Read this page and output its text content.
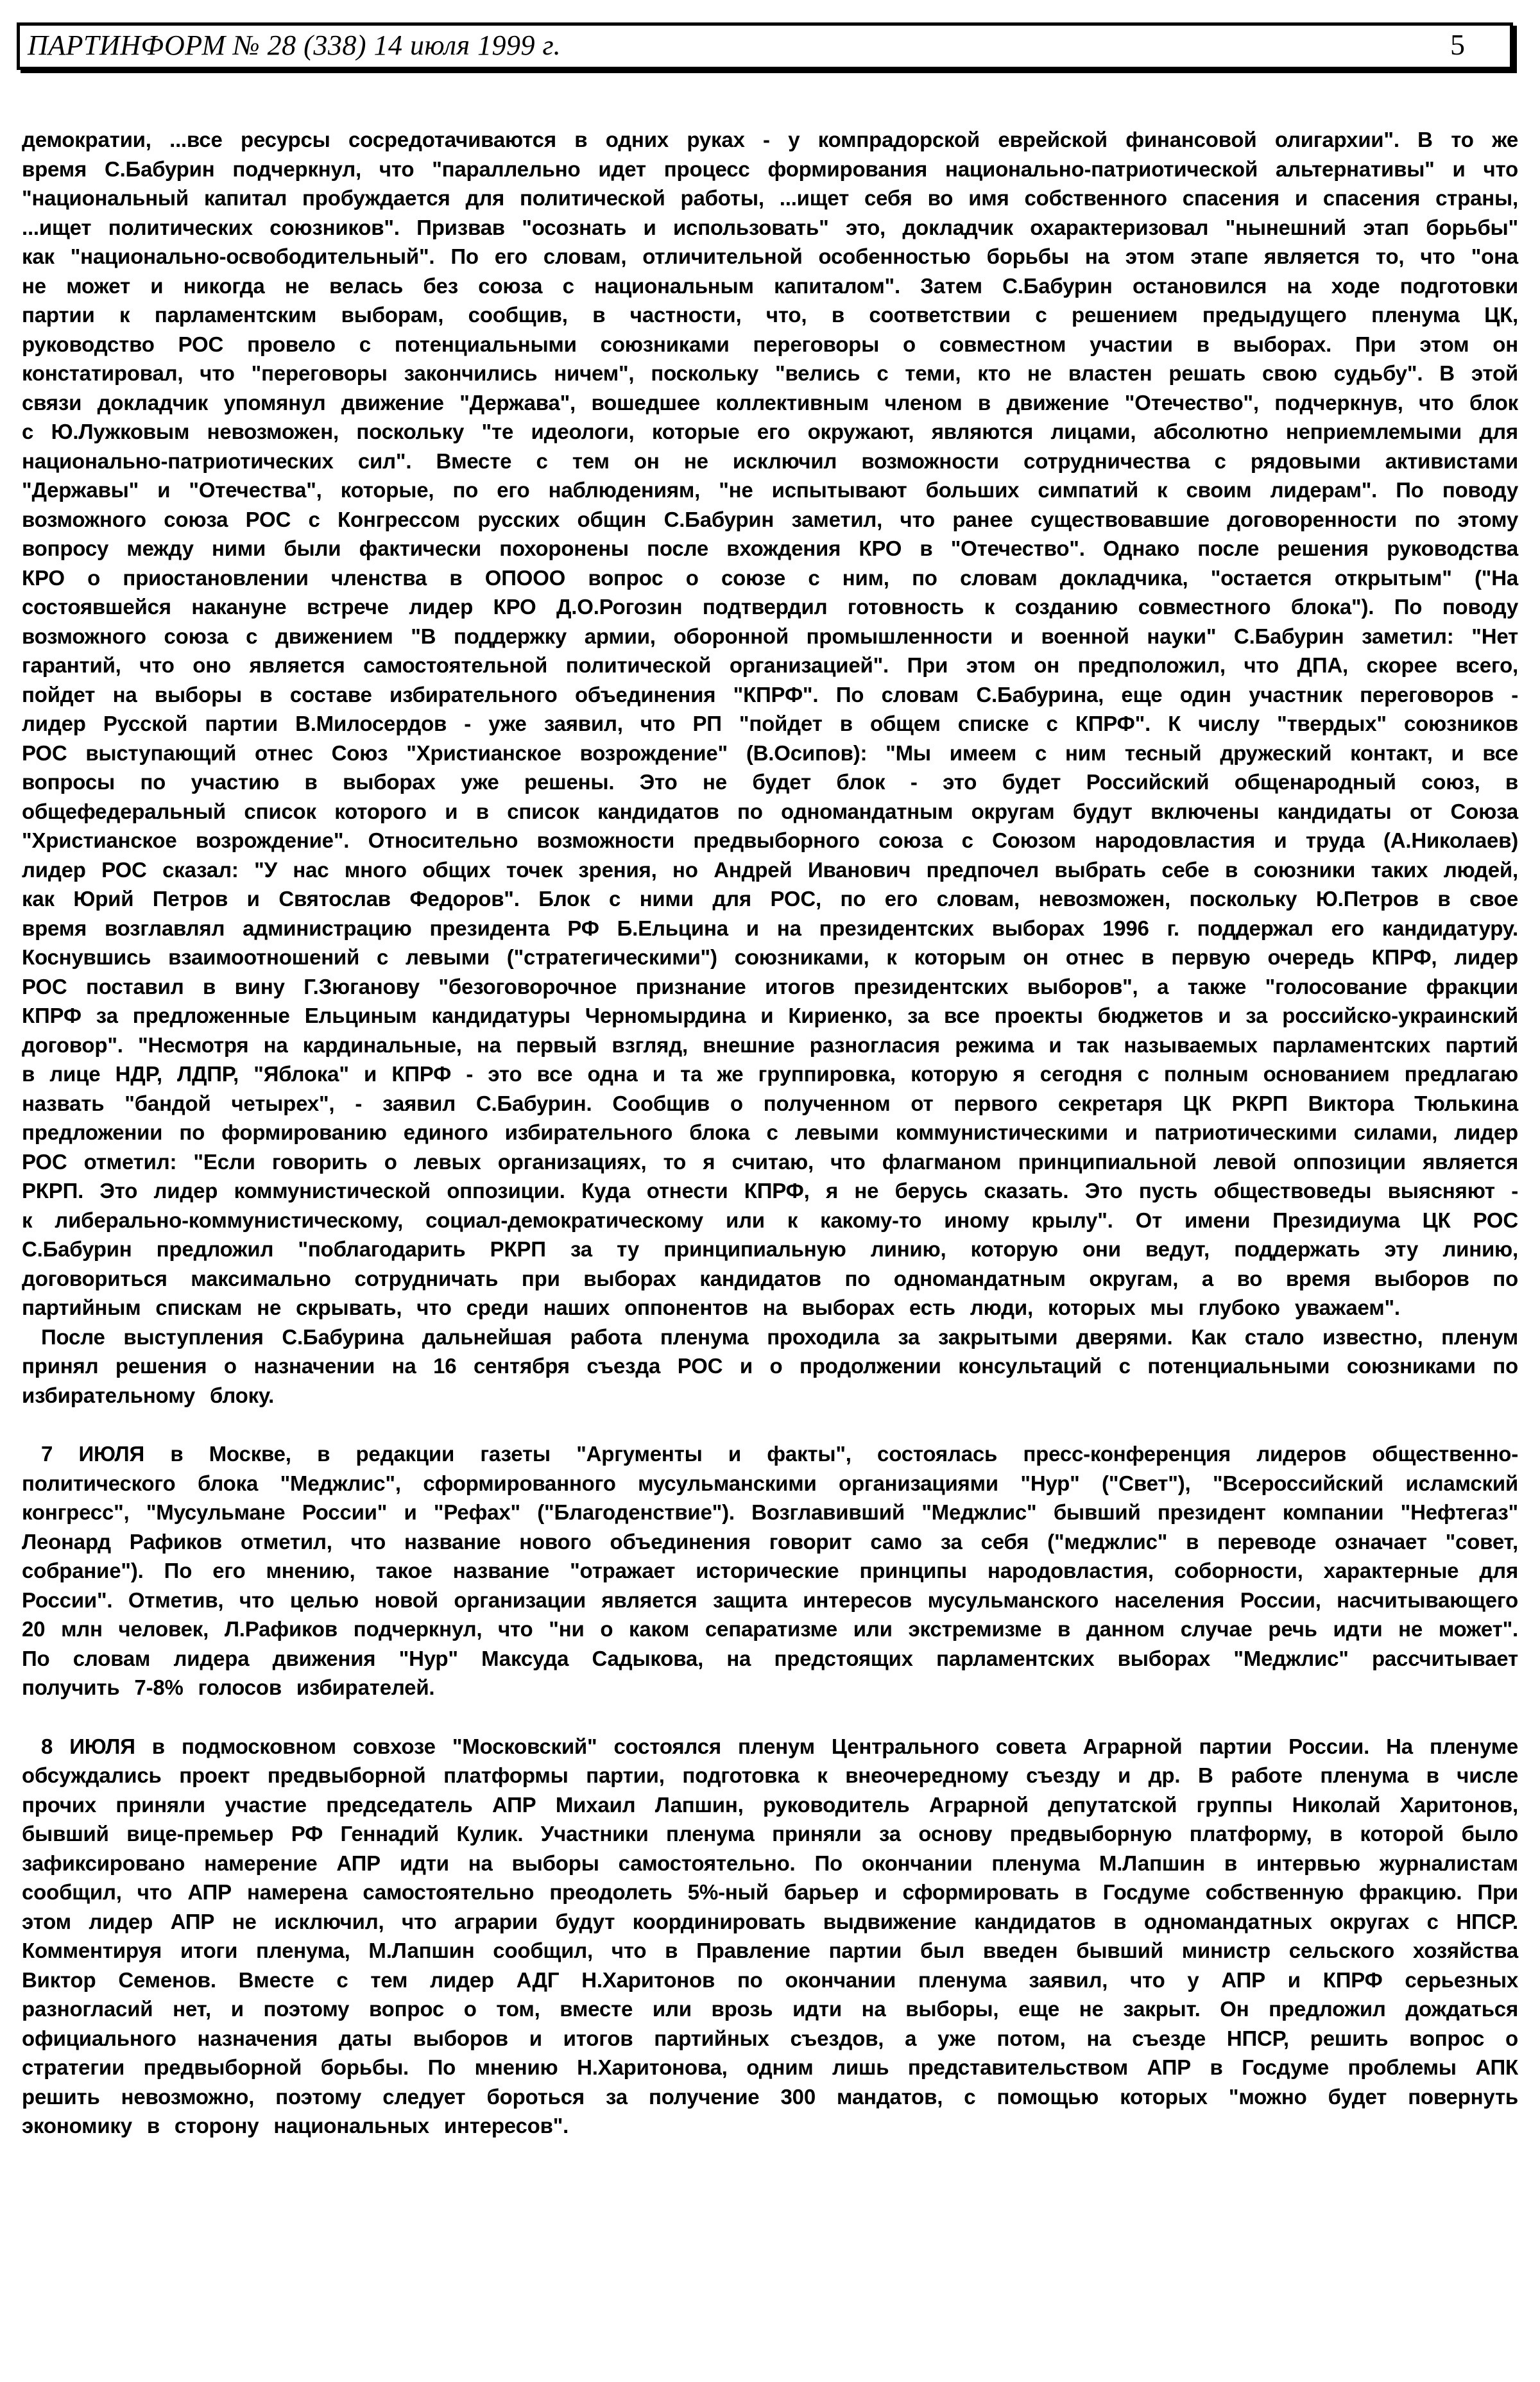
ПАРТИНФОРМ № 28 (338) 14 июля 1999 г.	5

демократии, ...все ресурсы сосредотачиваются в одних руках - у компрадорской еврейской финансовой олигархии". В то же время С.Бабурин подчеркнул, что "параллельно идет процесс формирования национально-патриотической альтернативы" и что "национальный капитал пробуждается для политической работы, ...ищет себя во имя собственного спасения и спасения страны, ...ищет политических союзников". Призвав "осознать и использовать" это, докладчик охарактеризовал "нынешний этап борьбы" как "национально-освободительный". По его словам, отличительной особенностью борьбы на этом этапе является то, что "она не может и никогда не велась без союза с национальным капиталом". Затем С.Бабурин остановился на ходе подготовки партии к парламентским выборам, сообщив, в частности, что, в соответствии с решением предыдущего пленума ЦК, руководство РОС провело с потенциальными союзниками переговоры о совместном участии в выборах. При этом он констатировал, что "переговоры закончились ничем", поскольку "велись с теми, кто не властен решать свою судьбу". В этой связи докладчик упомянул движение "Держава", вошедшее коллективным членом в движение "Отечество", подчеркнув, что блок с Ю.Лужковым невозможен, поскольку "те идеологи, которые его окружают, являются лицами, абсолютно неприемлемыми для национально-патриотических сил". Вместе с тем он не исключил возможности сотрудничества с рядовыми активистами "Державы" и "Отечества", которые, по его наблюдениям, "не испытывают больших симпатий к своим лидерам". По поводу возможного союза РОС с Конгрессом русских общин С.Бабурин заметил, что ранее существовавшие договоренности по этому вопросу между ними были фактически похоронены после вхождения КРО в "Отечество". Однако после решения руководства КРО о приостановлении членства в ОПООО вопрос о союзе с ним, по словам докладчика, "остается открытым" ("На состоявшейся накануне встрече лидер КРО Д.О.Рогозин подтвердил готовность к созданию совместного блока"). По поводу возможного союза с движением "В поддержку армии, оборонной промышленности и военной науки" С.Бабурин заметил: "Нет гарантий, что оно является самостоятельной политической организацией". При этом он предположил, что ДПА, скорее всего, пойдет на выборы в составе избирательного объединения "КПРФ". По словам С.Бабурина, еще один участник переговоров - лидер Русской партии В.Милосердов - уже заявил, что РП "пойдет в общем списке с КПРФ". К числу "твердых" союзников РОС выступающий отнес Союз "Христианское возрождение" (В.Осипов): "Мы имеем с ним тесный дружеский контакт, и все вопросы по участию в выборах уже решены. Это не будет блок - это будет Российский общенародный союз, в общефедеральный список которого и в список кандидатов по одномандатным округам будут включены кандидаты от Союза "Христианское возрождение". Относительно возможности предвыборного союза с Союзом народовластия и труда (А.Николаев) лидер РОС сказал: "У нас много общих точек зрения, но Андрей Иванович предпочел выбрать себе в союзники таких людей, как Юрий Петров и Святослав Федоров". Блок с ними для РОС, по его словам, невозможен, поскольку Ю.Петров в свое время возглавлял администрацию президента РФ Б.Ельцина и на президентских выборах 1996 г. поддержал его кандидатуру. Коснувшись взаимоотношений с левыми ("стратегическими") союзниками, к которым он отнес в первую очередь КПРФ, лидер РОС поставил в вину Г.Зюганову "безоговорочное признание итогов президентских выборов", а также "голосование фракции КПРФ за предложенные Ельциным кандидатуры Черномырдина и Кириенко, за все проекты бюджетов и за российско-украинский договор". "Несмотря на кардинальные, на первый взгляд, внешние разногласия режима и так называемых парламентских партий в лице НДР, ЛДПР, "Яблока" и КПРФ - это все одна и та же группировка, которую я сегодня с полным основанием предлагаю назвать "бандой четырех", - заявил С.Бабурин. Сообщив о полученном от первого секретаря ЦК РКРП Виктора Тюлькина предложении по формированию единого избирательного блока с левыми коммунистическими и патриотическими силами, лидер РОС отметил: "Если говорить о левых организациях, то я считаю, что флагманом принципиальной левой оппозиции является РКРП. Это лидер коммунистической оппозиции. Куда отнести КПРФ, я не берусь сказать. Это пусть обществоведы выясняют - к либерально-коммунистическому, социал-демократическому или к какому-то иному крылу". От имени Президиума ЦК РОС С.Бабурин предложил "поблагодарить РКРП за ту принципиальную линию, которую они ведут, поддержать эту линию, договориться максимально сотрудничать при выборах кандидатов по одномандатным округам, а во время выборов по партийным спискам не скрывать, что среди наших оппонентов на выборах есть люди, которых мы глубоко уважаем".

После выступления С.Бабурина дальнейшая работа пленума проходила за закрытыми дверями. Как стало известно, пленум принял решения о назначении на 16 сентября съезда РОС и о продолжении консультаций с потенциальными союзниками по избирательному блоку.

7 ИЮЛЯ в Москве, в редакции газеты "Аргументы и факты", состоялась пресс-конференция лидеров общественно-политического блока "Меджлис", сформированного мусульманскими организациями "Нур" ("Свет"), "Всероссийский исламский конгресс", "Мусульмане России" и "Рефах" ("Благоденствие"). Возглавивший "Меджлис" бывший президент компании "Нефтегаз" Леонард Рафиков отметил, что название нового объединения говорит само за себя ("меджлис" в переводе означает "совет, собрание"). По его мнению, такое название "отражает исторические принципы народовластия, соборности, характерные для России". Отметив, что целью новой организации является защита интересов мусульманского населения России, насчитывающего 20 млн человек, Л.Рафиков подчеркнул, что "ни о каком сепаратизме или экстремизме в данном случае речь идти не может". По словам лидера движения "Нур" Максуда Садыкова, на предстоящих парламентских выборах "Меджлис" рассчитывает получить 7-8% голосов избирателей.

8 ИЮЛЯ в подмосковном совхозе "Московский" состоялся пленум Центрального совета Аграрной партии России. На пленуме обсуждались проект предвыборной платформы партии, подготовка к внеочередному съезду и др. В работе пленума в числе прочих приняли участие председатель АПР Михаил Лапшин, руководитель Аграрной депутатской группы Николай Харитонов, бывший вице-премьер РФ Геннадий Кулик. Участники пленума приняли за основу предвыборную платформу, в которой было зафиксировано намерение АПР идти на выборы самостоятельно. По окончании пленума М.Лапшин в интервью журналистам сообщил, что АПР намерена самостоятельно преодолеть 5%-ный барьер и сформировать в Госдуме собственную фракцию. При этом лидер АПР не исключил, что аграрии будут координировать выдвижение кандидатов в одномандатных округах с НПСР. Комментируя итоги пленума, М.Лапшин сообщил, что в Правление партии был введен бывший министр сельского хозяйства Виктор Семенов. Вместе с тем лидер АДГ Н.Харитонов по окончании пленума заявил, что у АПР и КПРФ серьезных разногласий нет, и поэтому вопрос о том, вместе или врозь идти на выборы, еще не закрыт. Он предложил дождаться официального назначения даты выборов и итогов партийных съездов, а уже потом, на съезде НПСР, решить вопрос о стратегии предвыборной борьбы. По мнению Н.Харитонова, одним лишь представительством АПР в Госдуме проблемы АПК решить невозможно, поэтому следует бороться за получение 300 мандатов, с помощью которых "можно будет повернуть экономику в сторону национальных интересов".
